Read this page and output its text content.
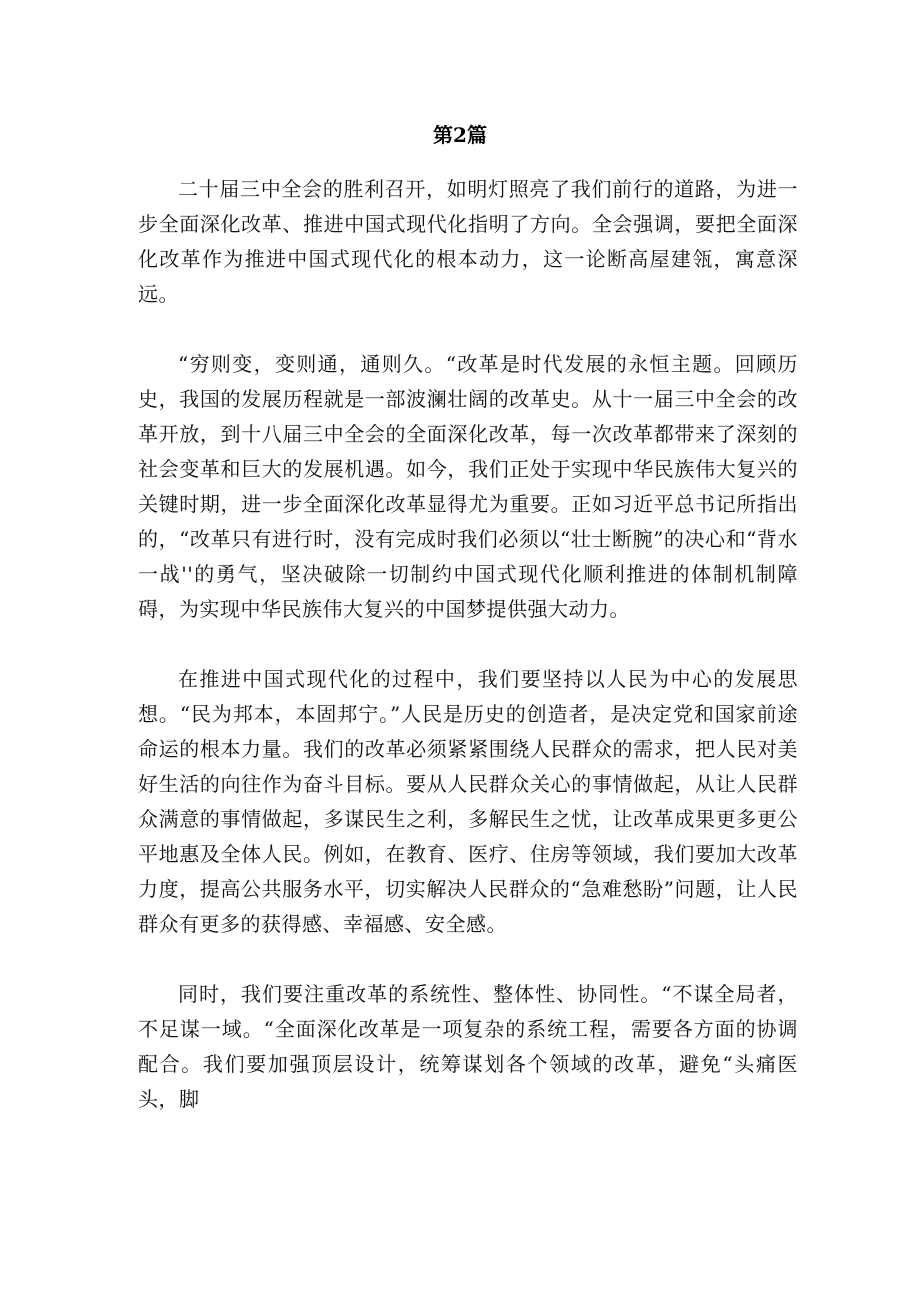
第2篇

二十届三中全会的胜利召开，如明灯照亮了我们前行的道路，为进一步全面深化改革、推进中国式现代化指明了方向。全会强调，要把全面深化改革作为推进中国式现代化的根本动力，这一论断高屋建瓴，寓意深远。

“穷则变，变则通，通则久。“改革是时代发展的永恒主题。回顾历史，我国的发展历程就是一部波澜壮阔的改革史。从十一届三中全会的改革开放，到十八届三中全会的全面深化改革，每一次改革都带来了深刻的社会变革和巨大的发展机遇。如今，我们正处于实现中华民族伟大复兴的关键时期，进一步全面深化改革显得尤为重要。正如习近平总书记所指出的，“改革只有进行时，没有完成时我们必须以“壮士断腕”的决心和“背水一战''的勇气，坚决破除一切制约中国式现代化顺利推进的体制机制障碍，为实现中华民族伟大复兴的中国梦提供强大动力。

在推进中国式现代化的过程中，我们要坚持以人民为中心的发展思想。“民为邦本，本固邦宁。”人民是历史的创造者，是决定党和国家前途命运的根本力量。我们的改革必须紧紧围绕人民群众的需求，把人民对美好生活的向往作为奋斗目标。要从人民群众关心的事情做起，从让人民群众满意的事情做起，多谋民生之利，多解民生之忧，让改革成果更多更公平地惠及全体人民。例如，在教育、医疗、住房等领域，我们要加大改革力度，提高公共服务水平，切实解决人民群众的“急难愁盼”问题，让人民群众有更多的获得感、幸福感、安全感。

同时，我们要注重改革的系统性、整体性、协同性。“不谋全局者，不足谋一域。“全面深化改革是一项复杂的系统工程，需要各方面的协调配合。我们要加强顶层设计，统筹谋划各个领域的改革，避免“头痛医头，脚
